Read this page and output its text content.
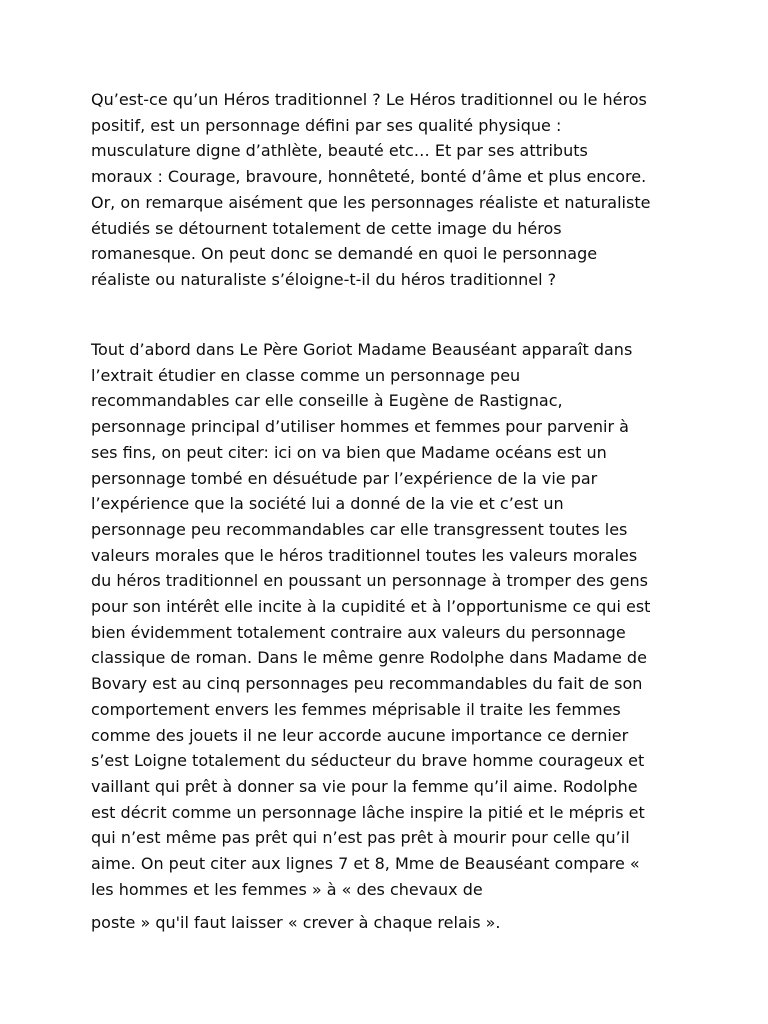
Qu’est-ce qu’un Héros traditionnel ? Le Héros traditionnel ou le héros
positif, est un personnage défini par ses qualité physique :
musculature digne d’athlète, beauté etc… Et par ses attributs
moraux : Courage, bravoure, honnêteté, bonté d’âme et plus encore.
Or, on remarque aisément que les personnages réaliste et naturaliste
étudiés se détournent totalement de cette image du héros
romanesque. On peut donc se demandé en quoi le personnage
réaliste ou naturaliste s’éloigne-t-il du héros traditionnel ?

Tout d’abord dans Le Père Goriot Madame Beauséant apparaît dans
l’extrait étudier en classe comme un personnage peu
recommandables car elle conseille à Eugène de Rastignac,
personnage principal d’utiliser hommes et femmes pour parvenir à
ses fins, on peut citer: ici on va bien que Madame océans est un
personnage tombé en désuétude par l’expérience de la vie par
l’expérience que la société lui a donné de la vie et c’est un
personnage peu recommandables car elle transgressent toutes les
valeurs morales que le héros traditionnel toutes les valeurs morales
du héros traditionnel en poussant un personnage à tromper des gens
pour son intérêt elle incite à la cupidité et à l’opportunisme ce qui est
bien évidemment totalement contraire aux valeurs du personnage
classique de roman. Dans le même genre Rodolphe dans Madame de
Bovary est au cinq personnages peu recommandables du fait de son
comportement envers les femmes méprisable il traite les femmes
comme des jouets il ne leur accorde aucune importance ce dernier
s’est Loigne totalement du séducteur du brave homme courageux et
vaillant qui prêt à donner sa vie pour la femme qu’il aime. Rodolphe
est décrit comme un personnage lâche inspire la pitié et le mépris et
qui n’est même pas prêt qui n’est pas prêt à mourir pour celle qu’il
aime. On peut citer aux lignes 7 et 8, Mme de Beauséant compare «
les hommes et les femmes » à « des chevaux de

poste » qu'il faut laisser « crever à chaque relais ».
